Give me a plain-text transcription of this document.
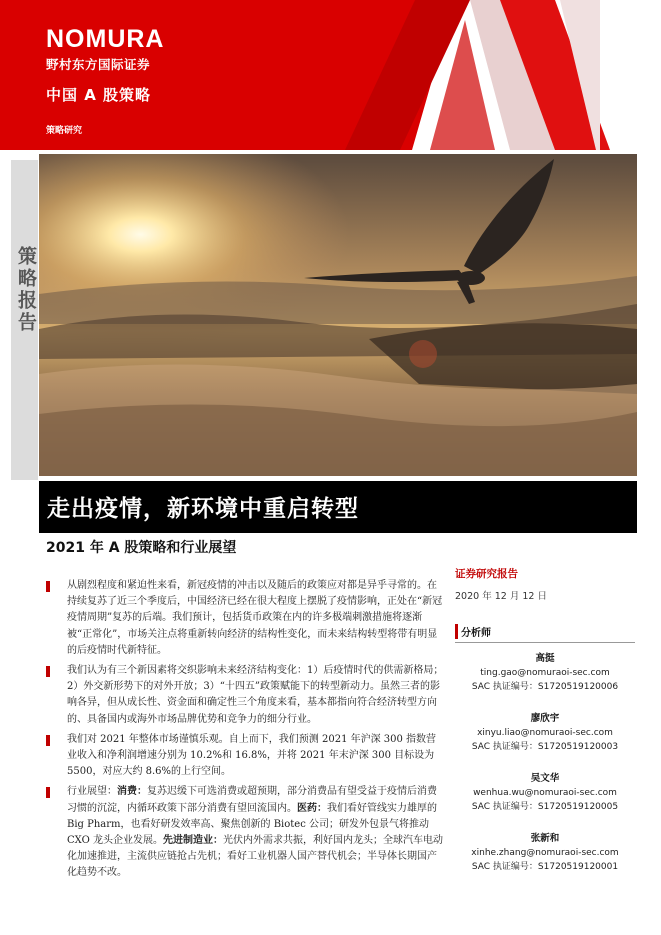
NOMURA
野村东方国际证券
中国 A 股策略
策略研究
策略报告
走出疫情，新环境中重启转型
2021 年 A 股策略和行业展望
从剧烈程度和紧迫性来看，新冠疫情的冲击以及随后的政策应对都是异乎寻常的。在持续复苏了近三个季度后，中国经济已经在很大程度上摆脱了疫情影响，正处在“新冠疫情周期”复苏的后端。我们预计，包括货币政策在内的许多极端刺激措施将逐渐被“正常化”，市场关注点将重新转向经济的结构性变化，而未来结构转型将带有明显的后疫情时代新特征。
我们认为有三个新因素将交织影响未来经济结构变化：1）后疫情时代的供需新格局；2）外交新形势下的对外开放；3）“十四五”政策赋能下的转型新动力。虽然三者的影响各异，但从成长性、资金面和确定性三个角度来看，基本都指向符合经济转型方向的、具备国内或海外市场品牌优势和竞争力的细分行业。
我们对 2021 年整体市场谨慎乐观。自上而下，我们预测 2021 年沪深 300 指数营业收入和净利润增速分别为 10.2%和 16.8%，并将 2021 年末沪深 300 目标设为 5500，对应大约 8.6%的上行空间。
行业展望：消费：复苏迟缓下可选消费或超预期，部分消费品有望受益于疫情后消费习惯的沉淀，内循环政策下部分消费有望回流国内。医药：我们看好管线实力雄厚的 Big Pharm，也看好研发效率高、聚焦创新的 Biotec 公司；研发外包景气将推动 CXO 龙头企业发展。先进制造业：光伏内外需求共振，利好国内龙头；全球汽车电动化加速推进，主流供应链抢占先机；看好工业机器人国产替代机会；半导体长期国产化趋势不改。
证券研究报告
2020 年 12 月 12 日
分析师
高挺
ting.gao@nomuraoi-sec.com
SAC 执证编号：S1720519120006
廖欣宇
xinyu.liao@nomuraoi-sec.com
SAC 执证编号：S1720519120003
吴文华
wenhua.wu@nomuraoi-sec.com
SAC 执证编号：S1720519120005
张新和
xinhe.zhang@nomuraoi-sec.com
SAC 执证编号：S1720519120001
